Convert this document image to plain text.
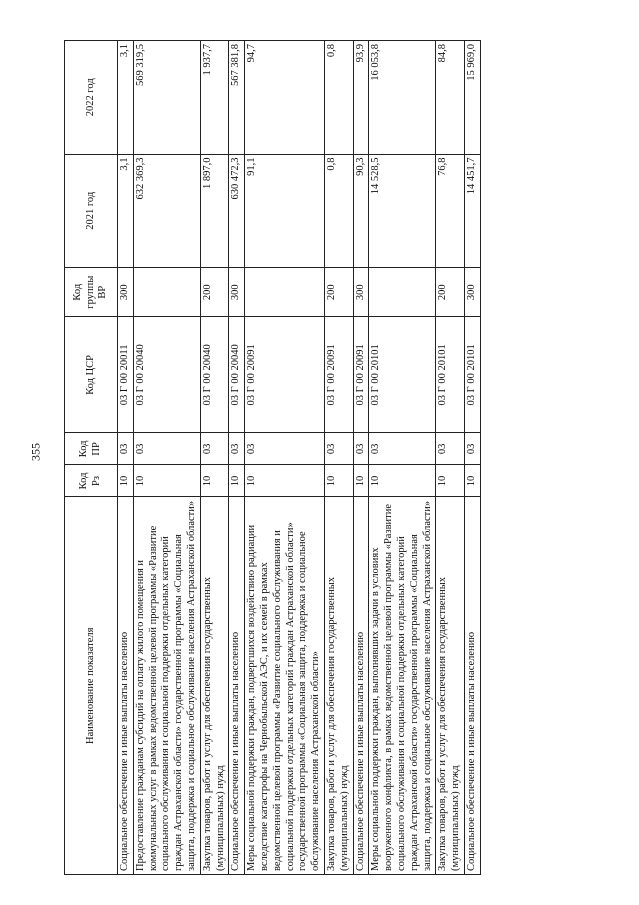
355
Наименование показателя	Код Рз	Код ПР	Код ЦСР	Код группы ВР	2021 год	2022 год
Социальное обеспечение и иные выплаты населению	10	03	03 Г 00 20011	300	3,1	3,1
Предоставление гражданам субсидий на оплату жилого помещения и коммунальных услуг в рамках ведомственной целевой программы «Развитие социального обслуживания и социальной поддержки отдельных категорий граждан Астраханской области» государственной программы «Социальная защита, поддержка и социальное обслуживание населения Астраханской области»	10	03	03 Г 00 20040		632 369,3	569 319,5
Закупка товаров, работ и услуг для обеспечения государственных (муниципальных) нужд	10	03	03 Г 00 20040	200	1 897,0	1 937,7
Социальное обеспечение и иные выплаты населению	10	03	03 Г 00 20040	300	630 472,3	567 381,8
Меры социальной поддержки граждан, подвергшихся воздействию радиации вследствие катастрофы на Чернобыльской АЭС, и их семей в рамках ведомственной целевой программы «Развитие социального обслуживания и социальной поддержки отдельных категорий граждан Астраханской области» государственной программы «Социальная защита, поддержка и социальное обслуживание населения Астраханской области»	10	03	03 Г 00 20091		91,1	94,7
Закупка товаров, работ и услуг для обеспечения государственных (муниципальных) нужд	10	03	03 Г 00 20091	200	0,8	0,8
Социальное обеспечение и иные выплаты населению	10	03	03 Г 00 20091	300	90,3	93,9
Меры социальной поддержки граждан, выполнявших задачи в условиях вооруженного конфликта, в рамках ведомственной целевой программы «Развитие социального обслуживания и социальной поддержки отдельных категорий граждан Астраханской области» государственной программы «Социальная защита, поддержка и социальное обслуживание населения Астраханской области»	10	03	03 Г 00 20101		14 528,5	16 053,8
Закупка товаров, работ и услуг для обеспечения государственных (муниципальных) нужд	10	03	03 Г 00 20101	200	76,8	84,8
Социальное обеспечение и иные выплаты населению	10	03	03 Г 00 20101	300	14 451,7	15 969,0
